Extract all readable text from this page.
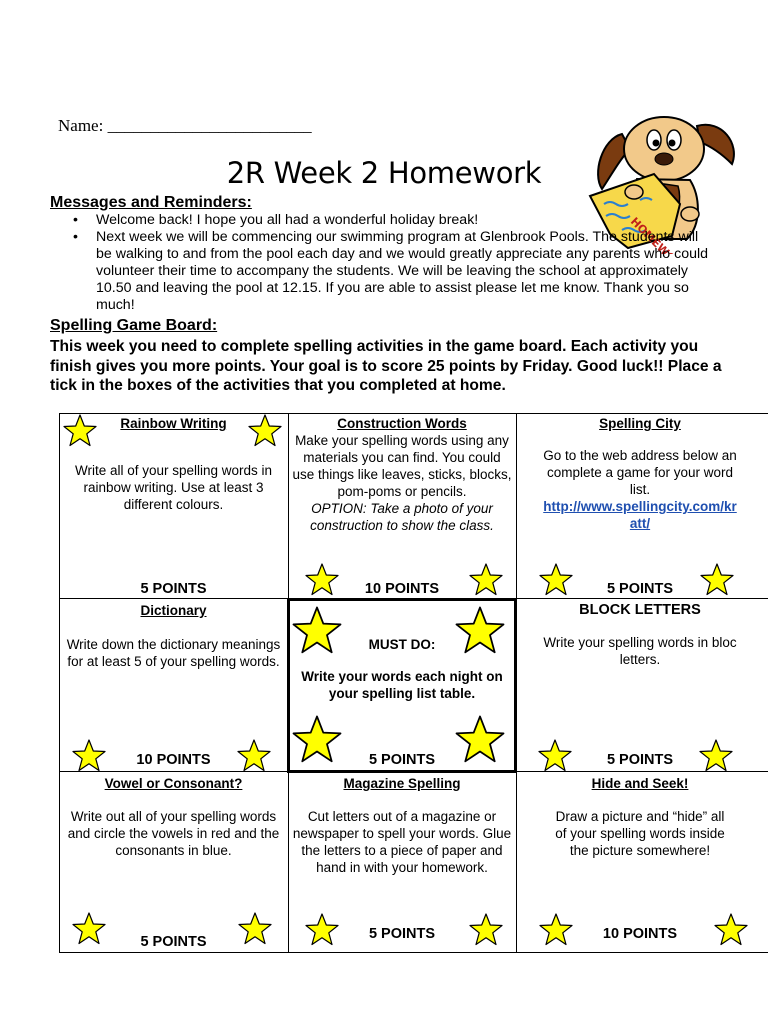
Name: ________________________
2R Week 2 Homework
Messages and Reminders:
• Welcome back! I hope you all had a wonderful holiday break!
• Next week we will be commencing our swimming program at Glenbrook Pools. The students will be walking to and from the pool each day and we would greatly appreciate any parents who could volunteer their time to accompany the students. We will be leaving the school at approximately 10.50 and leaving the pool at 12.15. If you are able to assist please let me know. Thank you so much!
Spelling Game Board:
This week you need to complete spelling activities in the game board. Each activity you finish gives you more points. Your goal is to score 25 points by Friday. Good luck!! Place a tick in the boxes of the activities that you completed at home.
Rainbow Writing
Write all of your spelling words in rainbow writing. Use at least 3 different colours.
5 POINTS
Construction Words
Make your spelling words using any materials you can find. You could use things like leaves, sticks, blocks, pom-poms or pencils.
OPTION: Take a photo of your construction to show the class.
10 POINTS
Spelling City
Go to the web address below an
complete a game for your word
list.
http://www.spellingcity.com/kr
att/
5 POINTS
Dictionary
Write down the dictionary meanings for at least 5 of your spelling words.
10 POINTS
MUST DO:
Write your words each night on your spelling list table.
5 POINTS
BLOCK LETTERS
Write your spelling words in bloc
letters.
5 POINTS
Vowel or Consonant?
Write out all of your spelling words and circle the vowels in red and the consonants in blue.
5 POINTS
Magazine Spelling
Cut letters out of a magazine or newspaper to spell your words. Glue the letters to a piece of paper and hand in with your homework.
5 POINTS
Hide and Seek!
Draw a picture and “hide” all of your spelling words inside the picture somewhere!
10 POINTS
